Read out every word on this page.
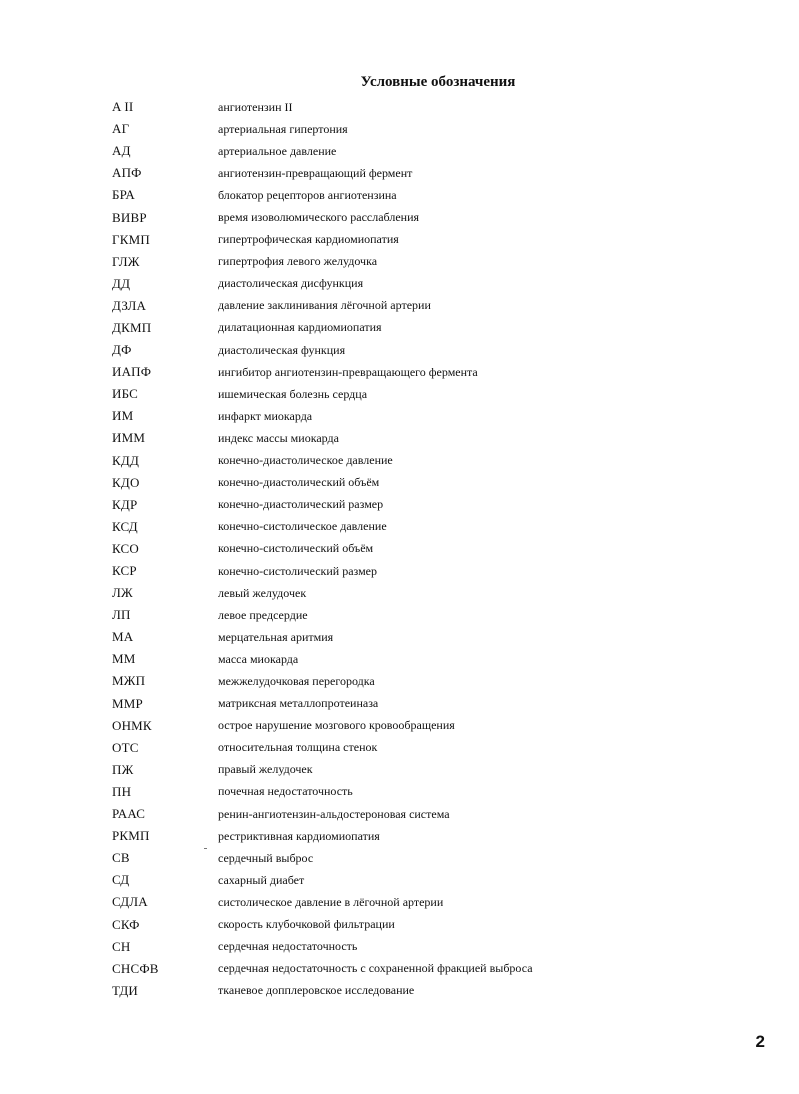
Условные обозначения
A II	ангиотензин II
АГ	артериальная гипертония
АД	артериальное давление
АПФ	ангиотензин-превращающий фермент
БРА	блокатор рецепторов ангиотензина
ВИВР	время изоволюмического расслабления
ГКМП	гипертрофическая кардиомиопатия
ГЛЖ	гипертрофия левого желудочка
ДД	диастолическая дисфункция
ДЗЛА	давление заклинивания лёгочной артерии
ДКМП	дилатационная кардиомиопатия
ДФ	диастолическая функция
ИАПФ	ингибитор ангиотензин-превращающего фермента
ИБС	ишемическая болезнь сердца
ИМ	инфаркт миокарда
ИММ	индекс массы миокарда
КДД	конечно-диастолическое давление
КДО	конечно-диастолический объём
КДР	конечно-диастолический размер
КСД	конечно-систолическое давление
КСО	конечно-систолический объём
КСР	конечно-систолический размер
ЛЖ	левый желудочек
ЛП	левое предсердие
МА	мерцательная аритмия
ММ	масса миокарда
МЖП	межжелудочковая перегородка
ММР	матриксная металлопротеиназа
ОНМК	острое нарушение мозгового кровообращения
ОТС	относительная толщина стенок
ПЖ	правый желудочек
ПН	почечная недостаточность
РААС	ренин-ангиотензин-альдостероновая система
РКМП	рестриктивная кардиомиопатия
СВ	сердечный выброс
СД	сахарный диабет
СДЛА	систолическое давление в лёгочной артерии
СКФ	скорость клубочковой фильтрации
СН	сердечная недостаточность
СНСФВ	сердечная недостаточность с сохраненной фракцией выброса
ТДИ	тканевое допплеровское исследование
2
